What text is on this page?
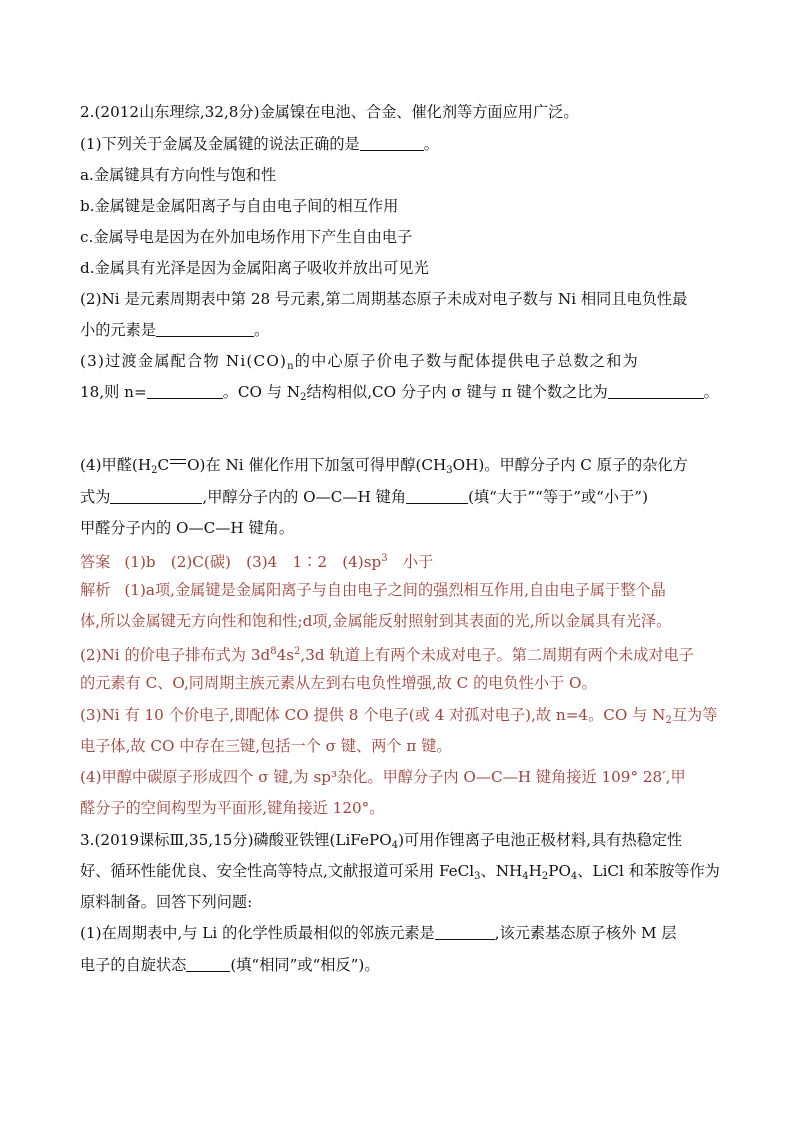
2.(2012山东理综,32,8分)金属镍在电池、合金、催化剂等方面应用广泛。
(1)下列关于金属及金属键的说法正确的是	。
a.金属键具有方向性与饱和性
b.金属键是金属阳离子与自由电子间的相互作用
c.金属导电是因为在外加电场作用下产生自由电子
d.金属具有光泽是因为金属阳离子吸收并放出可见光
(2)Ni 是元素周期表中第 28 号元素,第二周期基态原子未成对电子数与 Ni 相同且电负性最
小的元素是	。
(3)过渡金属配合物 $Ni(CO)_n$的中心原子价电子数与配体提供电子总数之和为
18,则 n=	。CO 与 $N_2$结构相似,CO 分子内 σ 键与 π 键个数之比为	。
(4)甲醛($H_2C$ O)在 Ni 催化作用下加氢可得甲醇$(CH_3OH)$。甲醇分子内 C 原子的杂化方
式为	,甲醇分子内的 O—C—H 键角	(填“大于”“等于”或“小于”)
甲醛分子内的 O—C—H 键角。
答案 (1)b　(2)C(碳)　(3)4　1∶2　$(4)sp^3$　小于
解析 (1)a项,金属键是金属阳离子与自由电子之间的强烈相互作用,自由电子属于整个晶
体,所以金属键无方向性和饱和性;d项,金属能反射照射到其表面的光,所以金属具有光泽。
(2)Ni 的价电子排布式为 $3d^84s^2,3d$ 轨道上有两个未成对电子。第二周期有两个未成对电子
的元素有 C、O,同周期主族元素从左到右电负性增强,故 C 的电负性小于 O。
(3)Ni 有 10 个价电子,即配体 CO 提供 8 个电子(或 4 对孤对电子),故 n=4。CO 与 $N_2$互为等
电子体,故 CO 中存在三键,包括一个 σ 键、两个 π 键。
(4)甲醇中碳原子形成四个 σ 键,为 sp³杂化。甲醇分子内 O—C—H 键角接近 109° 28′,甲
醛分子的空间构型为平面形,键角接近 120°。
3.(2019课标Ⅲ,35,15分)磷酸亚铁锂(LiFePO$_4$)可用作锂离子电池正极材料,具有热稳定性
好、循环性能优良、安全性高等特点,文献报道可采用 FeCl$_3$、$NH_4H_2PO_4$、LiCl 和苯胺等作为
原料制备。回答下列问题:
(1)在周期表中,与 Li 的化学性质最相似的邻族元素是	,该元素基态原子核外 M 层
电子的自旋状态	(填“相同”或“相反”)。
